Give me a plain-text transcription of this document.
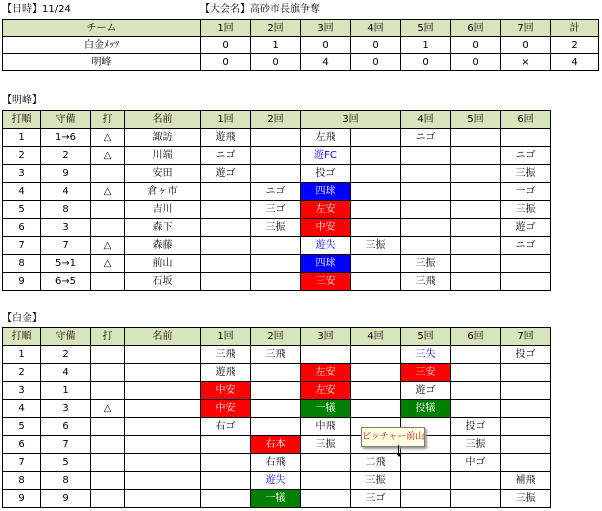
【日時】11/24	【大会名】高砂市長旗争奪
チーム	1回	2回	3回	4回	5回	6回	7回	計
白金ﾒｯﾂ	0	1	0	0	1	0	0	2
明峰	0	0	4	0	0	0	×	4
【明峰】
打順	守備	打	名前	1回	2回	3回		4回	5回	6回
1	1→6	△	諏訪	遊飛		左飛		ニゴ		
2	2	△	川端	ニゴ		遊FC				ニゴ
3	9		安田	遊ゴ		投ゴ				三振
4	4	△	倉ヶ市		ニゴ	四球				一ゴ
5	8		吉川		三ゴ	左安				三振
6	3		森下		三振	中安				遊ゴ
7	7	△	森藤			遊失	三振			ニゴ
8	5→1	△	前山			四球		三振		
9	6→5		石坂			三安		三飛		
【白金】
打順	守備	打	名前	1回	2回	3回	4回	5回	6回	7回
1	2			三飛	三飛			三失		投ゴ
2	4			遊飛		左安		三安		
3	1			中安		左安		遊ゴ		
4	3	△		中安		一犠		投犠		
5	6			右ゴ		中飛			投ゴ	
6	7				右本	三振			三振	
7	5				右飛		二飛		中ゴ	
8	8				遊失		三振			補飛
9	9				一犠		三ゴ			三振
ピッチャー前山
